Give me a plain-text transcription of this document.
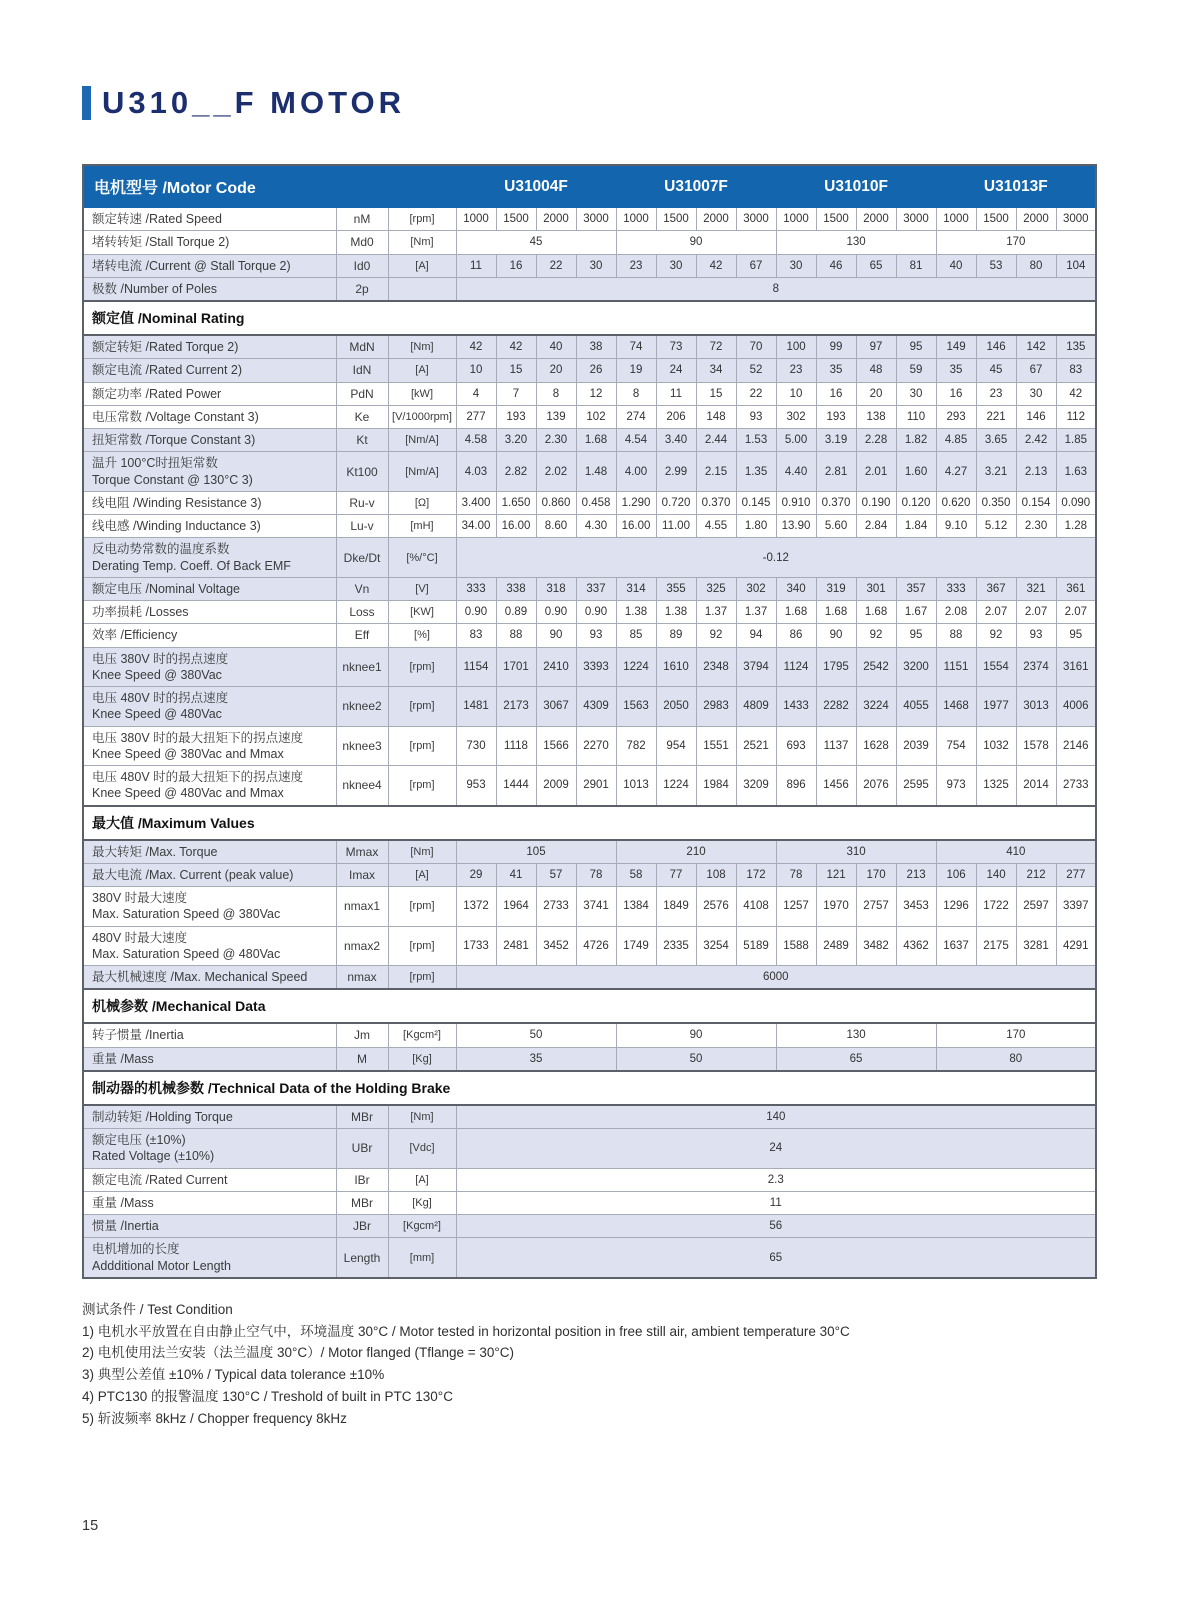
U310__F MOTOR
电机型号 /Motor Code			U31004F				U31007F				U31010F				U31013F			

额定转速 /Rated Speed	nM	[rpm]	1000	1500	2000	3000	1000	1500	2000	3000	1000	1500	2000	3000	1000	1500	2000	3000

堵转转矩 /Stall Torque 2)	Md0	[Nm]	45				90				130				170			

堵转电流 /Current @ Stall Torque 2)	Id0	[A]	11	16	22	30	23	30	42	67	30	46	65	81	40	53	80	104

极数 /Number of Poles	2p		8															
额定值 /Nominal Rating																		

额定转矩 /Rated Torque 2)	MdN	[Nm]	42	42	40	38	74	73	72	70	100	99	97	95	149	146	142	135

额定电流 /Rated Current 2)	IdN	[A]	10	15	20	26	19	24	34	52	23	35	48	59	35	45	67	83

额定功率 /Rated Power	PdN	[kW]	4	7	8	12	8	11	15	22	10	16	20	30	16	23	30	42

电压常数 /Voltage Constant 3)	Ke	[V/1000rpm]	277	193	139	102	274	206	148	93	302	193	138	110	293	221	146	112

扭矩常数 /Torque Constant 3)	Kt	[Nm/A]	4.58	3.20	2.30	1.68	4.54	3.40	2.44	1.53	5.00	3.19	2.28	1.82	4.85	3.65	2.42	1.85

温升 100°C时扭矩常数
Torque Constant @ 130°C 3)	Kt100	[Nm/A]	4.03	2.82	2.02	1.48	4.00	2.99	2.15	1.35	4.40	2.81	2.01	1.60	4.27	3.21	2.13	1.63

线电阻 /Winding Resistance 3)	Ru-v	[Ω]	3.400	1.650	0.860	0.458	1.290	0.720	0.370	0.145	0.910	0.370	0.190	0.120	0.620	0.350	0.154	0.090

线电感 /Winding Inductance 3)	Lu-v	[mH]	34.00	16.00	8.60	4.30	16.00	11.00	4.55	1.80	13.90	5.60	2.84	1.84	9.10	5.12	2.30	1.28

反电动势常数的温度系数
Derating Temp. Coeff. Of Back EMF	Dke/Dt	[%/°C]	-0.12															

额定电压 /Nominal Voltage	Vn	[V]	333	338	318	337	314	355	325	302	340	319	301	357	333	367	321	361

功率损耗 /Losses	Loss	[KW]	0.90	0.89	0.90	0.90	1.38	1.38	1.37	1.37	1.68	1.68	1.68	1.67	2.08	2.07	2.07	2.07

效率 /Efficiency	Eff	[%]	83	88	90	93	85	89	92	94	86	90	92	95	88	92	93	95

电压 380V 时的拐点速度
Knee Speed @ 380Vac	nknee1	[rpm]	1154	1701	2410	3393	1224	1610	2348	3794	1124	1795	2542	3200	1151	1554	2374	3161

电压 480V 时的拐点速度
Knee Speed @ 480Vac	nknee2	[rpm]	1481	2173	3067	4309	1563	2050	2983	4809	1433	2282	3224	4055	1468	1977	3013	4006

电压 380V 时的最大扭矩下的拐点速度
Knee Speed @ 380Vac and Mmax	nknee3	[rpm]	730	1118	1566	2270	782	954	1551	2521	693	1137	1628	2039	754	1032	1578	2146

电压 480V 时的最大扭矩下的拐点速度
Knee Speed @ 480Vac and Mmax	nknee4	[rpm]	953	1444	2009	2901	1013	1224	1984	3209	896	1456	2076	2595	973	1325	2014	2733
最大值 /Maximum Values																		

最大转矩 /Max. Torque	Mmax	[Nm]	105				210				310				410			

最大电流 /Max. Current (peak value)	Imax	[A]	29	41	57	78	58	77	108	172	78	121	170	213	106	140	212	277

380V 时最大速度
Max. Saturation Speed @ 380Vac	nmax1	[rpm]	1372	1964	2733	3741	1384	1849	2576	4108	1257	1970	2757	3453	1296	1722	2597	3397

480V 时最大速度
Max. Saturation Speed @ 480Vac	nmax2	[rpm]	1733	2481	3452	4726	1749	2335	3254	5189	1588	2489	3482	4362	1637	2175	3281	4291

最大机械速度 /Max. Mechanical Speed	nmax	[rpm]	6000															
机械参数 /Mechanical Data																		

转子惯量 /Inertia	Jm	[Kgcm²]	50				90				130				170			

重量 /Mass	M	[Kg]	35				50				65				80			
制动器的机械参数 /Technical Data of the Holding Brake																		

制动转矩 /Holding Torque	MBr	[Nm]	140															

额定电压 (±10%)
Rated Voltage (±10%)	UBr	[Vdc]	24															

额定电流 /Rated Current	IBr	[A]	2.3															

重量 /Mass	MBr	[Kg]	11															

惯量 /Inertia	JBr	[Kgcm²]	56															

电机增加的长度
Addditional Motor Length	Length	[mm]	65															
测试条件 / Test Condition
1) 电机水平放置在自由静止空气中，环境温度 30°C / Motor tested in horizontal position in free still air, ambient temperature 30°C
2) 电机使用法兰安装（法兰温度 30°C）/ Motor flanged (Tflange = 30°C)
3) 典型公差值 ±10% / Typical data tolerance ±10%
4) PTC130 的报警温度 130°C / Treshold of built in PTC 130°C
5) 斩波频率 8kHz / Chopper frequency 8kHz
15
